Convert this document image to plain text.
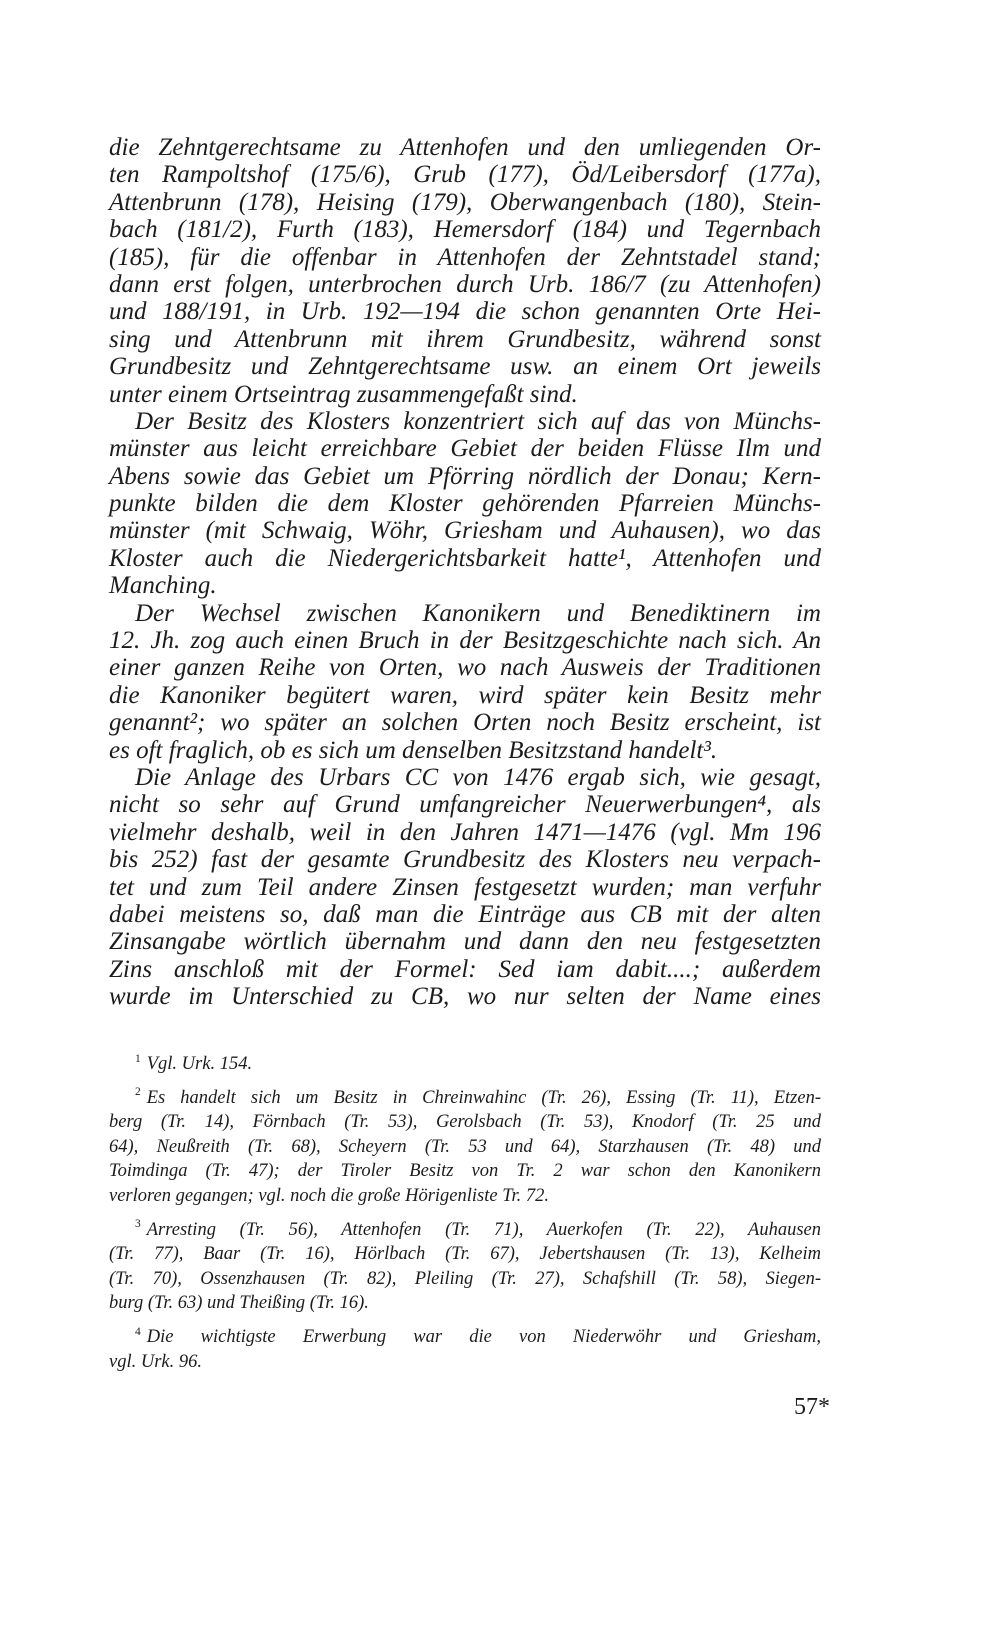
die Zehntgerechtsame zu Attenhofen und den umliegenden Or-
ten Rampoltshof (175/6), Grub (177), Öd/Leibersdorf (177a),
Attenbrunn (178), Heising (179), Oberwangenbach (180), Stein-
bach (181/2), Furth (183), Hemersdorf (184) und Tegernbach
(185), für die offenbar in Attenhofen der Zehntstadel stand;
dann erst folgen, unterbrochen durch Urb. 186/7 (zu Attenhofen)
und 188/191, in Urb. 192—194 die schon genannten Orte Hei-
sing und Attenbrunn mit ihrem Grundbesitz, während sonst
Grundbesitz und Zehntgerechtsame usw. an einem Ort jeweils
unter einem Ortseintrag zusammengefaßt sind.
Der Besitz des Klosters konzentriert sich auf das von Münchs-
münster aus leicht erreichbare Gebiet der beiden Flüsse Ilm und
Abens sowie das Gebiet um Pförring nördlich der Donau; Kern-
punkte bilden die dem Kloster gehörenden Pfarreien Münchs-
münster (mit Schwaig, Wöhr, Griesham und Auhausen), wo das
Kloster auch die Niedergerichtsbarkeit hatte¹, Attenhofen und
Manching.
Der Wechsel zwischen Kanonikern und Benediktinern im
12. Jh. zog auch einen Bruch in der Besitzgeschichte nach sich. An
einer ganzen Reihe von Orten, wo nach Ausweis der Traditionen
die Kanoniker begütert waren, wird später kein Besitz mehr
genannt²; wo später an solchen Orten noch Besitz erscheint, ist
es oft fraglich, ob es sich um denselben Besitzstand handelt³.
Die Anlage des Urbars CC von 1476 ergab sich, wie gesagt,
nicht so sehr auf Grund umfangreicher Neuerwerbungen⁴, als
vielmehr deshalb, weil in den Jahren 1471—1476 (vgl. Mm 196
bis 252) fast der gesamte Grundbesitz des Klosters neu verpach-
tet und zum Teil andere Zinsen festgesetzt wurden; man verfuhr
dabei meistens so, daß man die Einträge aus CB mit der alten
Zinsangabe wörtlich übernahm und dann den neu festgesetzten
Zins anschloß mit der Formel: Sed iam dabit....; außerdem
wurde im Unterschied zu CB, wo nur selten der Name eines
$^1$ Vgl. Urk. 154.
$^2$ Es handelt sich um Besitz in Chreinwahinc (Tr. 26), Essing (Tr. 11), Etzen-
berg (Tr. 14), Förnbach (Tr. 53), Gerolsbach (Tr. 53), Knodorf (Tr. 25 und
64), Neußreith (Tr. 68), Scheyern (Tr. 53 und 64), Starzhausen (Tr. 48) und
Toimdinga (Tr. 47); der Tiroler Besitz von Tr. 2 war schon den Kanonikern
verloren gegangen; vgl. noch die große Hörigenliste Tr. 72.
$^3$ Arresting (Tr. 56), Attenhofen (Tr. 71), Auerkofen (Tr. 22), Auhausen
(Tr. 77), Baar (Tr. 16), Hörlbach (Tr. 67), Jebertshausen (Tr. 13), Kelheim
(Tr. 70), Ossenzhausen (Tr. 82), Pleiling (Tr. 27), Schafshill (Tr. 58), Siegen-
burg (Tr. 63) und Theißing (Tr. 16).
$^4$ Die wichtigste Erwerbung war die von Niederwöhr und Griesham,
vgl. Urk. 96.
57*
